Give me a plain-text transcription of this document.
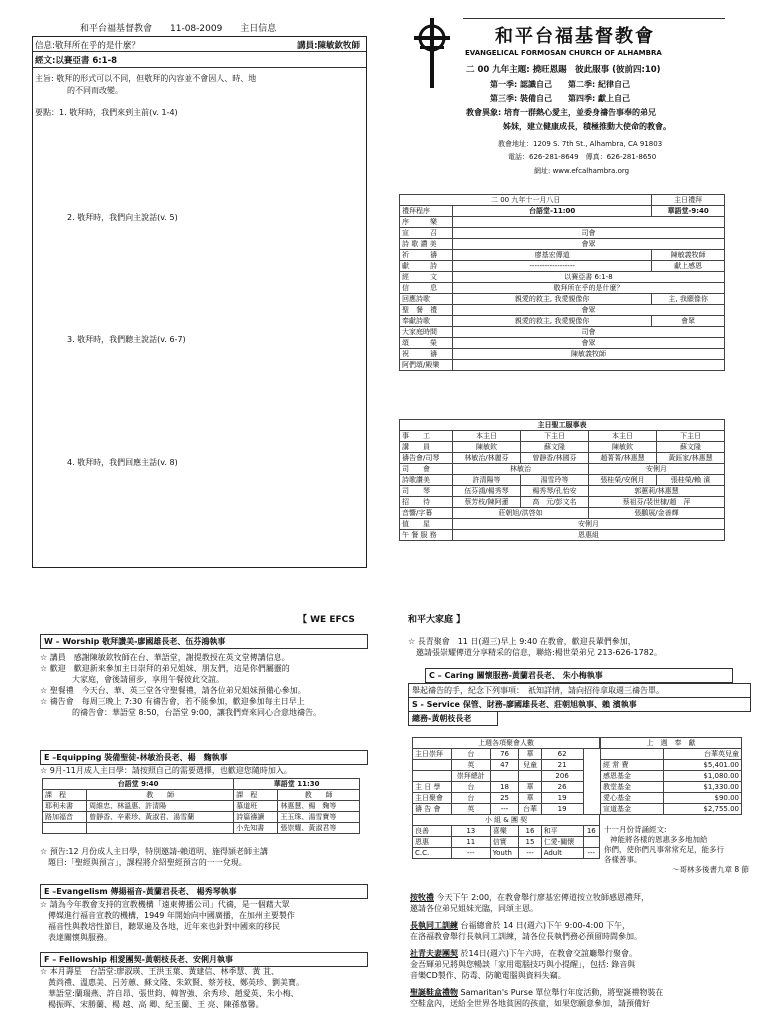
和平台福基督教會　　11-08-2009　　主日信息
信息:敬拜所在乎的是什麼？	講員:陳敏欽牧師
經文:以賽亞書 6:1-8
主旨: 敬拜的形式可以不同，但敬拜的內容並不會因人、時、地
的不同而改變。
要點：1. 敬拜時，我們來到主前(v. 1-4)
2. 敬拜時，我們向主說話(v. 5)
3. 敬拜時，我們聽主說話(v. 6-7)
4. 敬拜時，我們回應主話(v. 8)
和平台福基督教會
EVANGELICAL FORMOSAN CHURCH OF ALHAMBRA
二 00 九年主題: 撓旺恩賜　彼此服事 (彼前四:10)
第一季: 認識自己　　第二季: 紀律自己
第三季: 裝備自己　　第四季: 獻上自己
教會異象: 培育一群熱心愛主，並委身禱告事奉的弟兄
姊妹，建立健康成長，積極推動大使命的教會。
教會地址：1209 S. 7th St., Alhambra, CA 91803
電話：626-281-8649　傳真：626-281-8650
網址: www.efcalhambra.org
二 00 九年十一月八日		主日禮拜
禮拜程序	台語堂-11:00	華語堂-9:40
序　　　樂		
宣　　　召	司會	
詩 歌 讚 美	會眾	
祈　　　禱	廖基宏傳道	陳敏義牧師
獻　　　詩	------------------	獻上感恩
經　　　文	以賽亞書 6:1-8	
信　　　息	敬拜所在乎的是什麼？	
回應詩歌	親愛的救主, 我愛親像你	主, 我願像你
聖　餐　禮	會眾	
奉獻詩歌	親愛的救主, 我愛親像你	會眾
大家庭時間	司會	
頌　　　榮	會眾	
祝　　　禱	陳敏義牧師	
阿們頌/殿樂		
主日聖工服事表				
事　　工	本主日	下主日	本主日	下主日
講　　員	陳敏欽	蘇文隆	陳敏欽	蘇文隆
禱告會/司琴	林敏治/林麗芬	曾靜香/林國芬	趙菁菁/林惠慧	黃鈺家/林惠慧
司　　會	林敏治		安俐月	
詩歌讚美	許清陽等	湯雪玲等	張桂榮/安俐月	張桂榮/賴 濱
司　　琴	伍芬鴻/楊秀琴	楊秀琴/孔怡安	郭蕙莉/林惠慧	
招　　待	蔡芳枝/陳阿蓮	高　元/彭文名	蔡祖芬/裴世棣/趙　萍	
音響/字幕	莊朝旭/洪啓如		張鵬展/金善輝	
值　　星	安俐月			
午 餐 服 務	恩惠組			
【 WE EFCS	和平大家庭 】
W – Worship 敬拜讚美-廖國雄長老、伍芬鴻執事
☆ 講員　感謝陳敏欽牧師在台、華語堂，謝提教授在英文堂傳講信息。
☆ 歡迎　歡迎新來參加主日崇拜的弟兄姐妹、朋友們，這是你們屬靈的
　　　　大家庭，會後請留步，享用午餐彼此交誼。
☆ 聖餐禮　今天台、華、英三堂各守聖餐禮，請各位弟兄姐妹預備心參加。
☆ 禱告會　每周三晚上 7:30 有禱告會，若不能參加，歡迎參加每主日早上
　　　　的禱告會：華語堂 8:50，台語堂 9:00，讓我們齊來同心合意地禱告。
E –Equipping 裝備聖徒-林敏治長老、楊　麴執事
☆ 9月-11月成人主日學：請按照自己的需要選擇，也歡迎您隨時加入。
台語堂 9:40		華語堂 11:30	
課　程	教　　師	課　程	教　　師
耶利未書	周維忠、林溫惠、許清陽	慕道班	林惠慧、楊　麴等
路加福音	曾靜香、辛素珍、黃淑君、湯雪蘭	詩篇禱讀	王玉珠、湯雪寶等
		小先知書	張崇耀、黃淑君等
☆ 預告:12 月份成人主日學，特別邀請-賴道明、施得頴老師主講
　題目:「聖經與預言」，課程將介紹聖經預言的一一兌現。
E –Evangelism 傳揚福音-黃蘭君長老、 楊秀琴執事
☆ 請為今年教會支持的宣教機構「遠東傳播公司」代禱，是一個藉大眾
　傳媒進行福音宣教的機構，1949 年開始向中國廣播，在加州主要製作
　福音性與教培性節目，聽眾遍及各地，近年來也針對中國來的移民
　表達關懷與服務。
F – Fellowship 相愛團契-黃朝枝長老、安俐月執事
☆ 本月壽星　台語堂:廖淑瑛、王洪玉葉、黃建信、林季慧、黃 苴、
　黃尚禮、溫惠美、呂芳蕙、蘇文隆、朱欽賢、蔡芳枝、鄭英珍、劉美寶。
　華語堂:蘭瑞燕、許自昂、張世鈞、韓智強、余秀珍、趙愛英、朱小梅、
　楊振晖、宋勝蘭、楊 越、高 卿、紀玉蘭、王 亮、陳孫慕馨。
☆ 長青聚會　11 日(週三)早上 9:40 在教會，歡迎長輩們參加，
　邀請張崇耀傳道分享精采的信息，聯絡:楊世榮弟兄 213-626-1782。
C – Caring 關懷服務-黃蘭君長老、 朱小梅執事
舉起禱告的手，紀念下列事項：　祇知詳情，請向招待拿取週三禱告單。
S - Service 保管、財務-廖國雄長老、莊朝旭執事、賴 濱執事
總務-黃朝枝長老
上週各項聚會人數					
主日崇拜	台	76	華	62	
	英	47	兒童	21	
	崇拜總計			206	
主 日 學	台	18	華	26	
主日聚會	台	25	華	19	
禱 告 會	英	---	台華	19	
小 組 & 團 契					
良善	13	喜樂	16	和平	16
恩惠	11	信實	15	仁愛-關懷	
C.C.	---	Youth	---	Adult	---
上　週　奉　獻	
	台華英兒童
經 常 費	$5,401.00
感恩基金	$1,080.00
教堂基金	$1,330.00
愛心基金	$90.00
宣道基金	$2,755.00
十一月份背誦經文:
神能將各樣的恩惠多多地加給
你們，使你們凡事常常充足，能多行
各樣善事。
～哥林多後書九章 8 節
按牧禮 今天下午 2:00，在教會舉行廖基宏傳道按立牧師感恩禮拜，
邀請各位弟兄姐妹光臨，同頌主恩。
長執同工訓練 台福總會於 14 日(週六)下午 9:00-4:00 下午，
在洛福教會舉行長執同工訓練，請各位長執們務必預留時間參加。
社青夫妻團契 於14日(週六)下午六時，在教會交誼廳舉行聚會。
金吾輝弟兄將與您暢談「家用電腦技巧與小提醒」，包括: 錄音與
音樂CD製作、防毒、防範電腦與資料失竊。
聖誕鞋盒禮物 Samaritan's Purse 單位舉行年度活動，將聖誕禮物裝在
空鞋盒內，送給全世界各地貧困的孩童，如果您願意參加，請預備好
